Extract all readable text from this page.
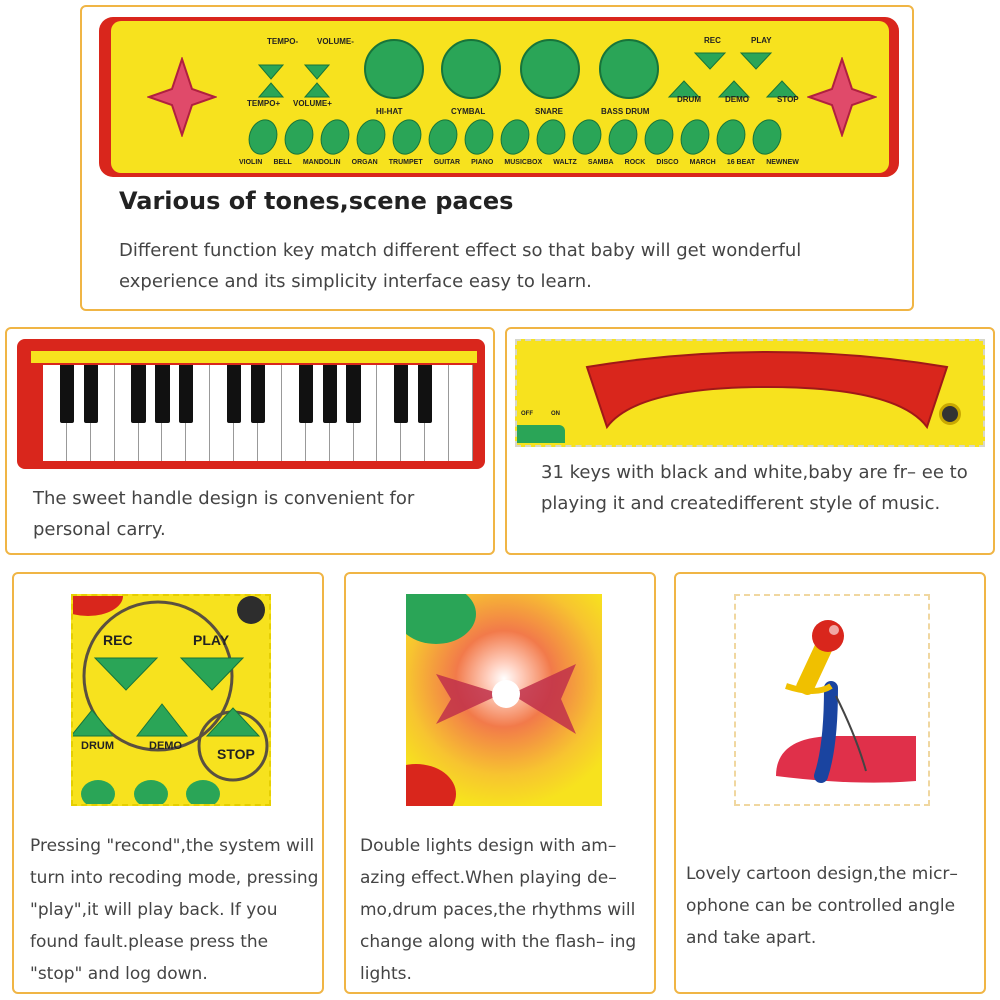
TEMPO- VOLUME-
TEMPO+ VOLUME+
HI-HAT	CYMBAL	SNARE	BASS DRUM
REC	PLAY
DRUM	DEMO	STOP
VIOLIN BELL MANDOLIN ORGAN TRUMPET GUITAR PIANO MUSICBOX WALTZ SAMBA ROCK DISCO MARCH 16 BEAT NEWNEW
Various of tones,scene paces
Different function key match different effect so that baby will get wonderful experience and its simplicity interface easy to learn.
The sweet handle design is convenient for personal carry.
OFF	ON
31 keys with black and white,baby are fr– ee to playing it and createdifferent style of music.
REC	PLAY
DRUM	DEMO	STOP
Pressing "recond",the system will turn into recoding mode, pressing "play",it will play back. If you found fault.please press the "stop" and log down.
Double lights design with am– azing effect.When playing de– mo,drum paces,the rhythms will change along with the flash– ing lights.
Lovely cartoon design,the micr– ophone can be controlled angle and take apart.
